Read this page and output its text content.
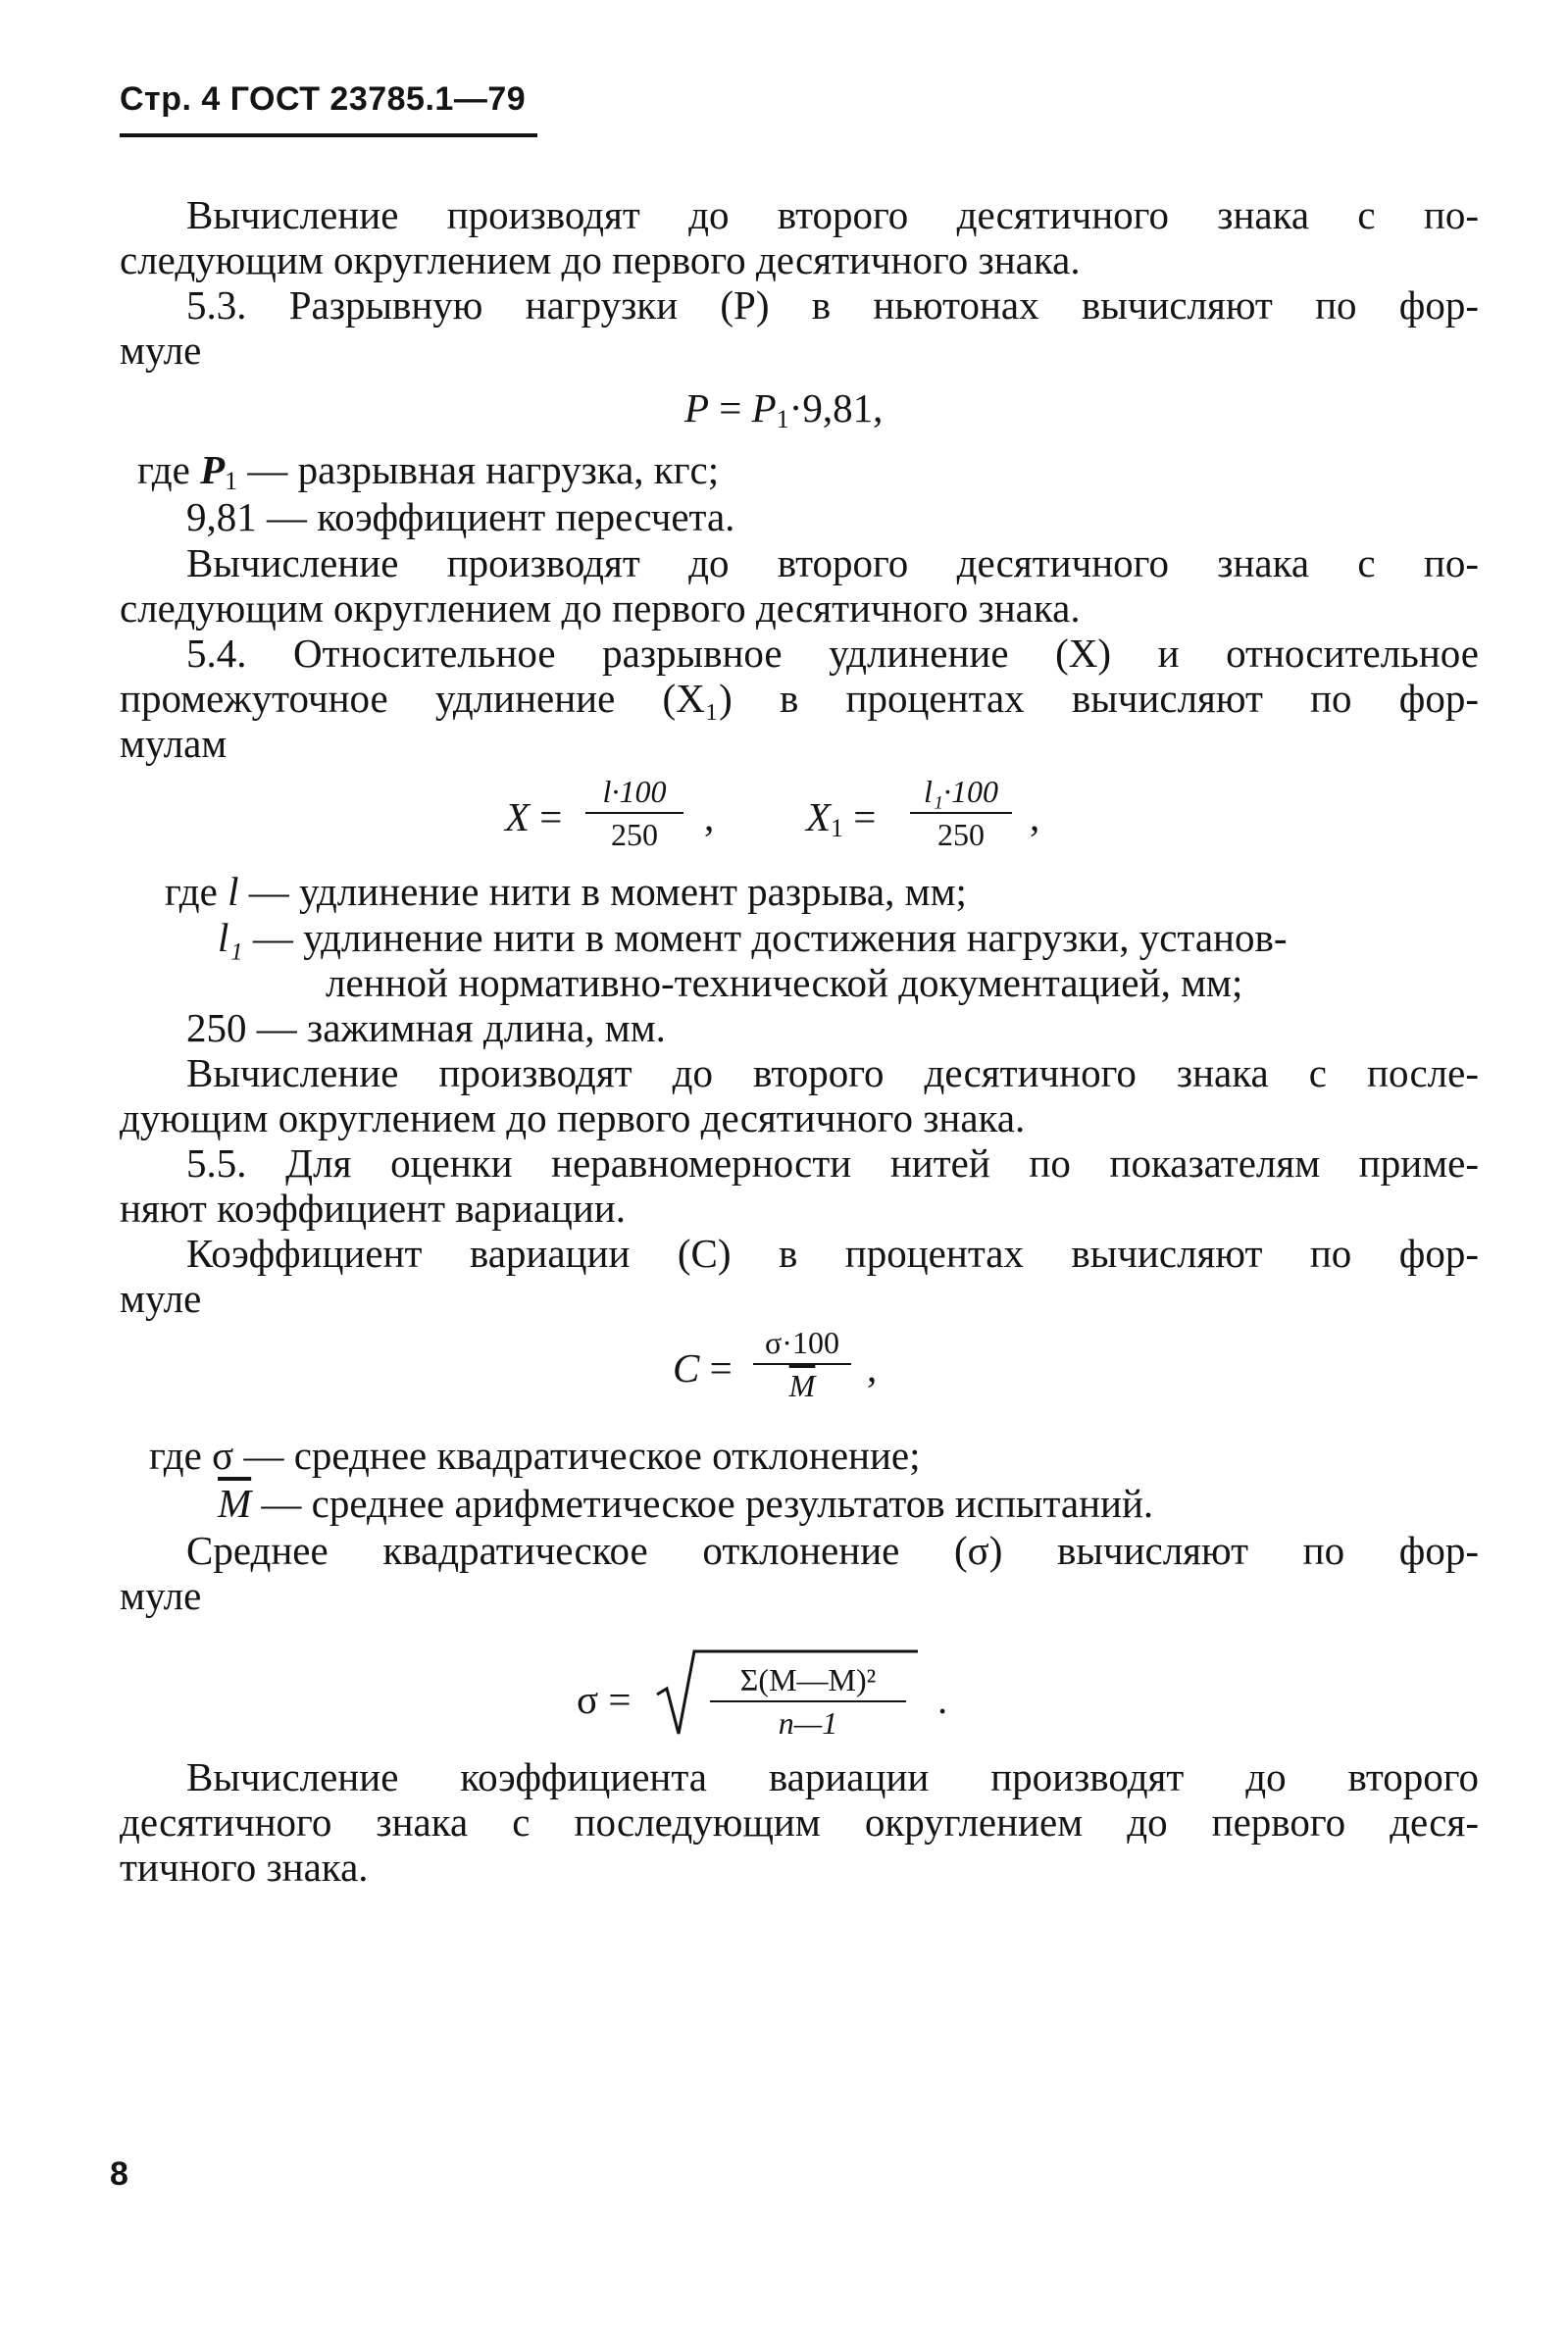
Стр. 4 ГОСТ 23785.1—79
Вычисление производят до второго десятичного знака с по-
следующим округлением до первого десятичного знака.
5.3. Разрывную нагрузки (P) в ньютонах вычисляют по фор-
муле
$P = P_1\cdot 9,81$,
где $P_1$ — разрывная нагрузка, кгс;
9,81 — коэффициент пересчета.
Вычисление производят до второго десятичного знака с по-
следующим округлением до первого десятичного знака.
5.4. Относительное разрывное удлинение (X) и относительное
промежуточное удлинение (X₁) в процентах вычисляют по фор-
мулам
X =
l·100
250	, $X_1$ =
l₁·100
250	,
где l — удлинение нити в момент разрыва, мм;
l₁ — удлинение нити в момент достижения нагрузки, установ-
ленной нормативно-технической документацией, мм;
250 — зажимная длина, мм.
Вычисление производят до второго десятичного знака с после-
дующим округлением до первого десятичного знака.
5.5. Для оценки неравномерности нитей по показателям приме-
няют коэффициент вариации.
Коэффициент вариации (C) в процентах вычисляют по фор-
муле
$C = \frac{\sigma\cdot 100}{M}$ ,
где σ — среднее квадратическое отклонение;
$\overline{M}$ — среднее арифметическое результатов испытаний.
Среднее квадратическое отклонение (σ) вычисляют по фор-
муле
σ =	Σ(M—M)²
n—1
.
Вычисление коэффициента вариации производят до второго
десятичного знака с последующим округлением до первого деся-
тичного знака.
8
